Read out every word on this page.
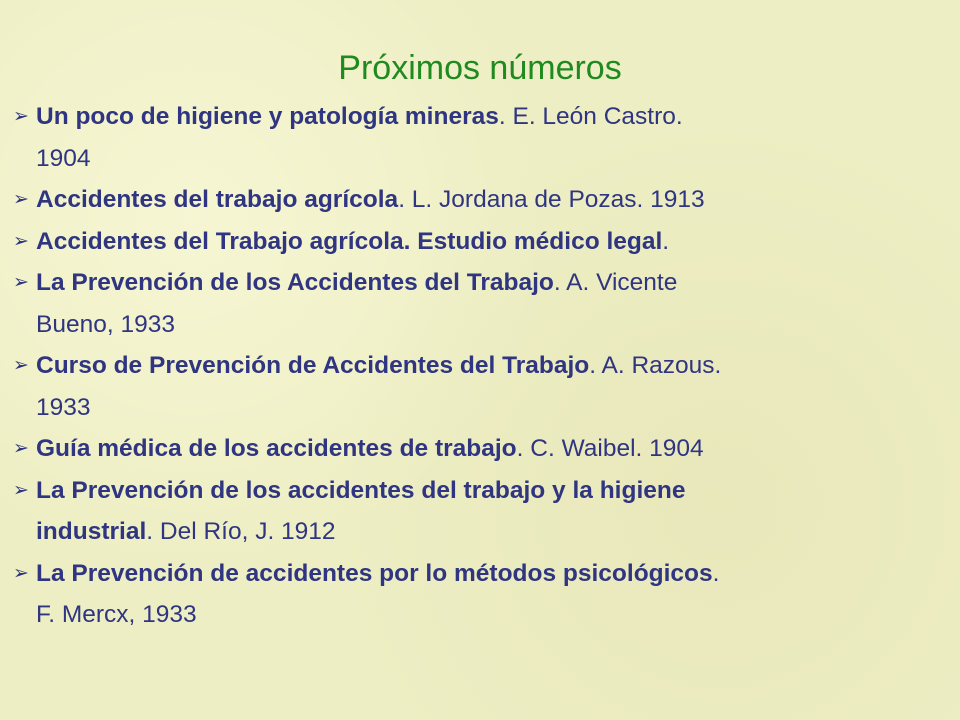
Próximos números
➢ Un poco de higiene y patología mineras. E. León Castro.
1904
➢ Accidentes del trabajo agrícola. L. Jordana de Pozas. 1913
➢ Accidentes del Trabajo agrícola. Estudio médico legal.
➢ La Prevención de los Accidentes del Trabajo. A. Vicente
Bueno, 1933
➢ Curso de Prevención de Accidentes del Trabajo. A. Razous.
1933
➢ Guía médica de los accidentes de trabajo. C. Waibel. 1904
➢ La Prevención de los accidentes del trabajo y la higiene
industrial. Del Río, J. 1912
➢ La Prevención de accidentes por lo métodos psicológicos.
F. Mercx, 1933
